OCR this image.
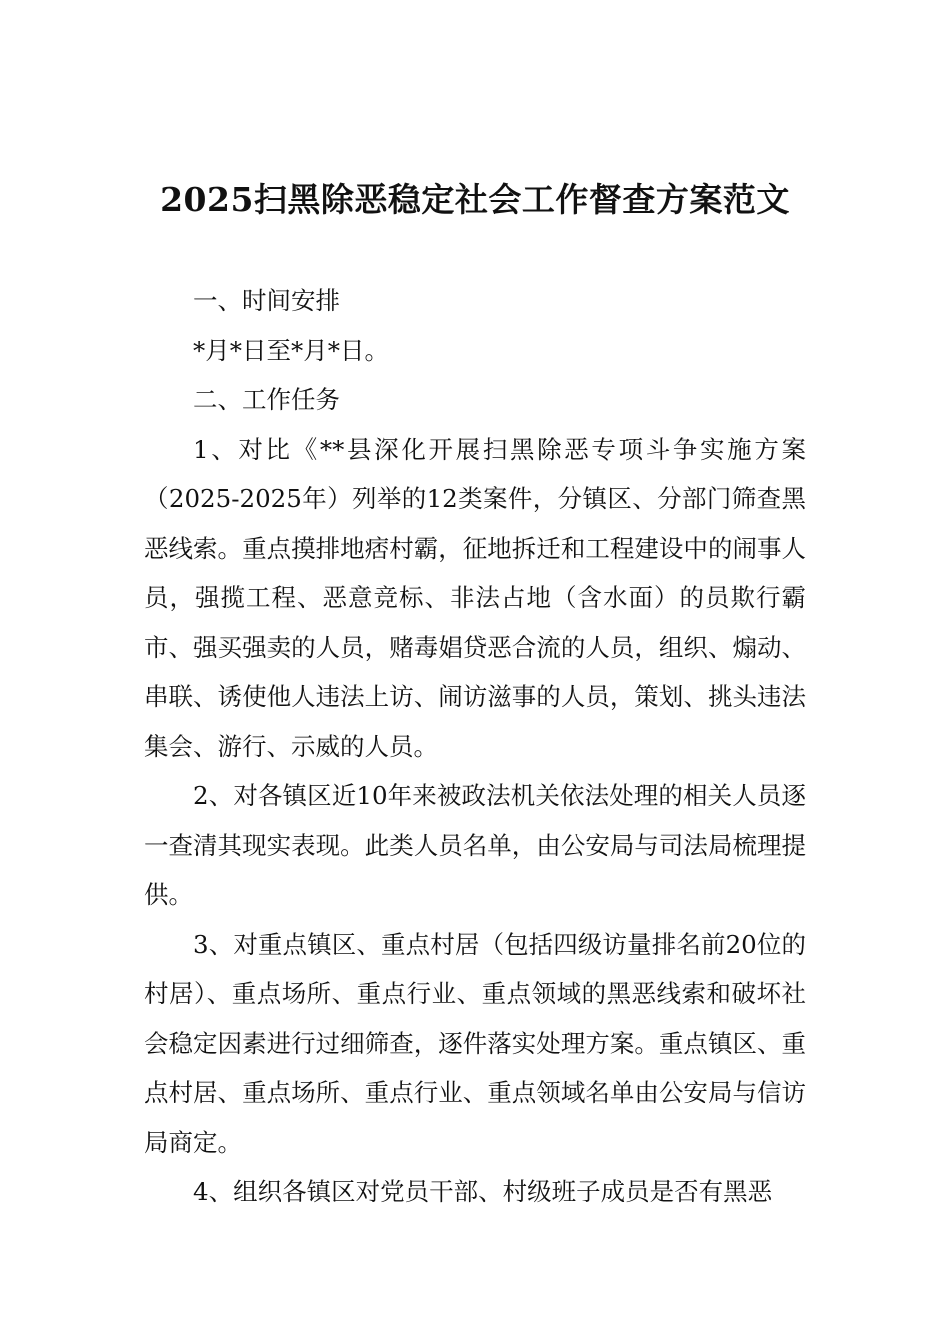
2025扫黑除恶稳定社会工作督查方案范文

一、时间安排

*月*日至*月*日。

二、工作任务

1、对比《**县深化开展扫黑除恶专项斗争实施方案（2025-2025年）列举的12类案件，分镇区、分部门筛查黑恶线索。重点摸排地痞村霸，征地拆迁和工程建设中的闹事人员，强揽工程、恶意竞标、非法占地（含水面）的员欺行霸市、强买强卖的人员，赌毒娼贷恶合流的人员，组织、煽动、串联、诱使他人违法上访、闹访滋事的人员，策划、挑头违法集会、游行、示威的人员。

2、对各镇区近10年来被政法机关依法处理的相关人员逐一查清其现实表现。此类人员名单，由公安局与司法局梳理提供。

3、对重点镇区、重点村居（包括四级访量排名前20位的村居）、重点场所、重点行业、重点领域的黑恶线索和破坏社会稳定因素进行过细筛查，逐件落实处理方案。重点镇区、重点村居、重点场所、重点行业、重点领域名单由公安局与信访局商定。

4、组织各镇区对党员干部、村级班子成员是否有黑恶
